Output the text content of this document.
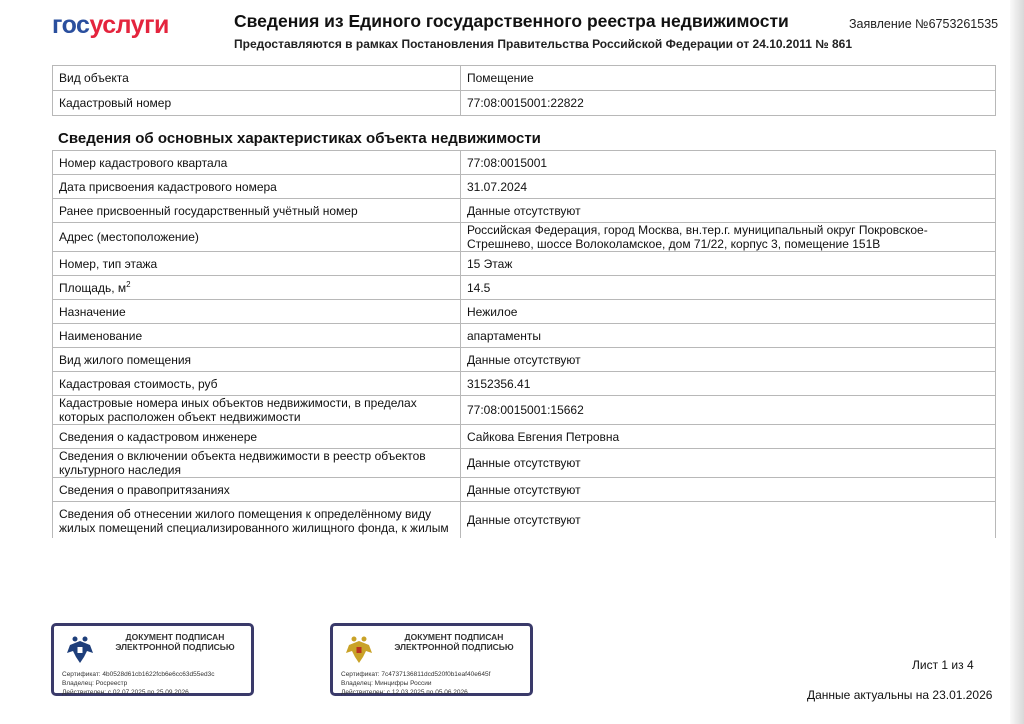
госуслуги	Сведения из Единого государственного реестра недвижимости
Предоставляются в рамках Постановления Правительства Российской Федерации от 24.10.2011 № 861
Заявление №6753261535
Вид объекта	Помещение
Кадастровый номер	77:08:0015001:22822
Сведения об основных характеристиках объекта недвижимости
Номер кадастрового квартала	77:08:0015001
Дата присвоения кадастрового номера	31.07.2024
Ранее присвоенный государственный учётный номер	Данные отсутствуют
Адрес (местоположение)	Российская Федерация, город Москва, вн.тер.г. муниципальный округ Покровское-Стрешнево, шоссе Волоколамское, дом 71/22, корпус 3, помещение 151В
Номер, тип этажа	15 Этаж
Площадь, $м^2$	14.5
Назначение	Нежилое
Наименование	апартаменты
Вид жилого помещения	Данные отсутствуют
Кадастровая стоимость, руб	3152356.41
Кадастровые номера иных объектов недвижимости, в пределах которых расположен объект недвижимости	77:08:0015001:15662
Сведения о кадастровом инженере	Сайкова Евгения Петровна
Сведения о включении объекта недвижимости в реестр объектов культурного наследия	Данные отсутствуют
Сведения о правопритязаниях	Данные отсутствуют

Сведения об отнесении жилого помещения к определённому виду жилых помещений специализированного жилищного фонда, к жилым	Данные отсутствуют
ДОКУМЕНТ ПОДПИСАН ЭЛЕКТРОННОЙ ПОДПИСЬЮ
Сертификат: 4b0528d61cb1622fcb6e6cc63d55ed3c
Владелец: Росреестр
Действителен: с 02.07.2025 по 25.09.2026
ДОКУМЕНТ ПОДПИСАН ЭЛЕКТРОННОЙ ПОДПИСЬЮ
Сертификат: 7c4737136811dcd520f0b1eaf40e645f
Владелец: Минцифры России
Действителен: с 12.03.2025 по 05.06.2026
Лист 1 из 4
Данные актуальны на 23.01.2026
